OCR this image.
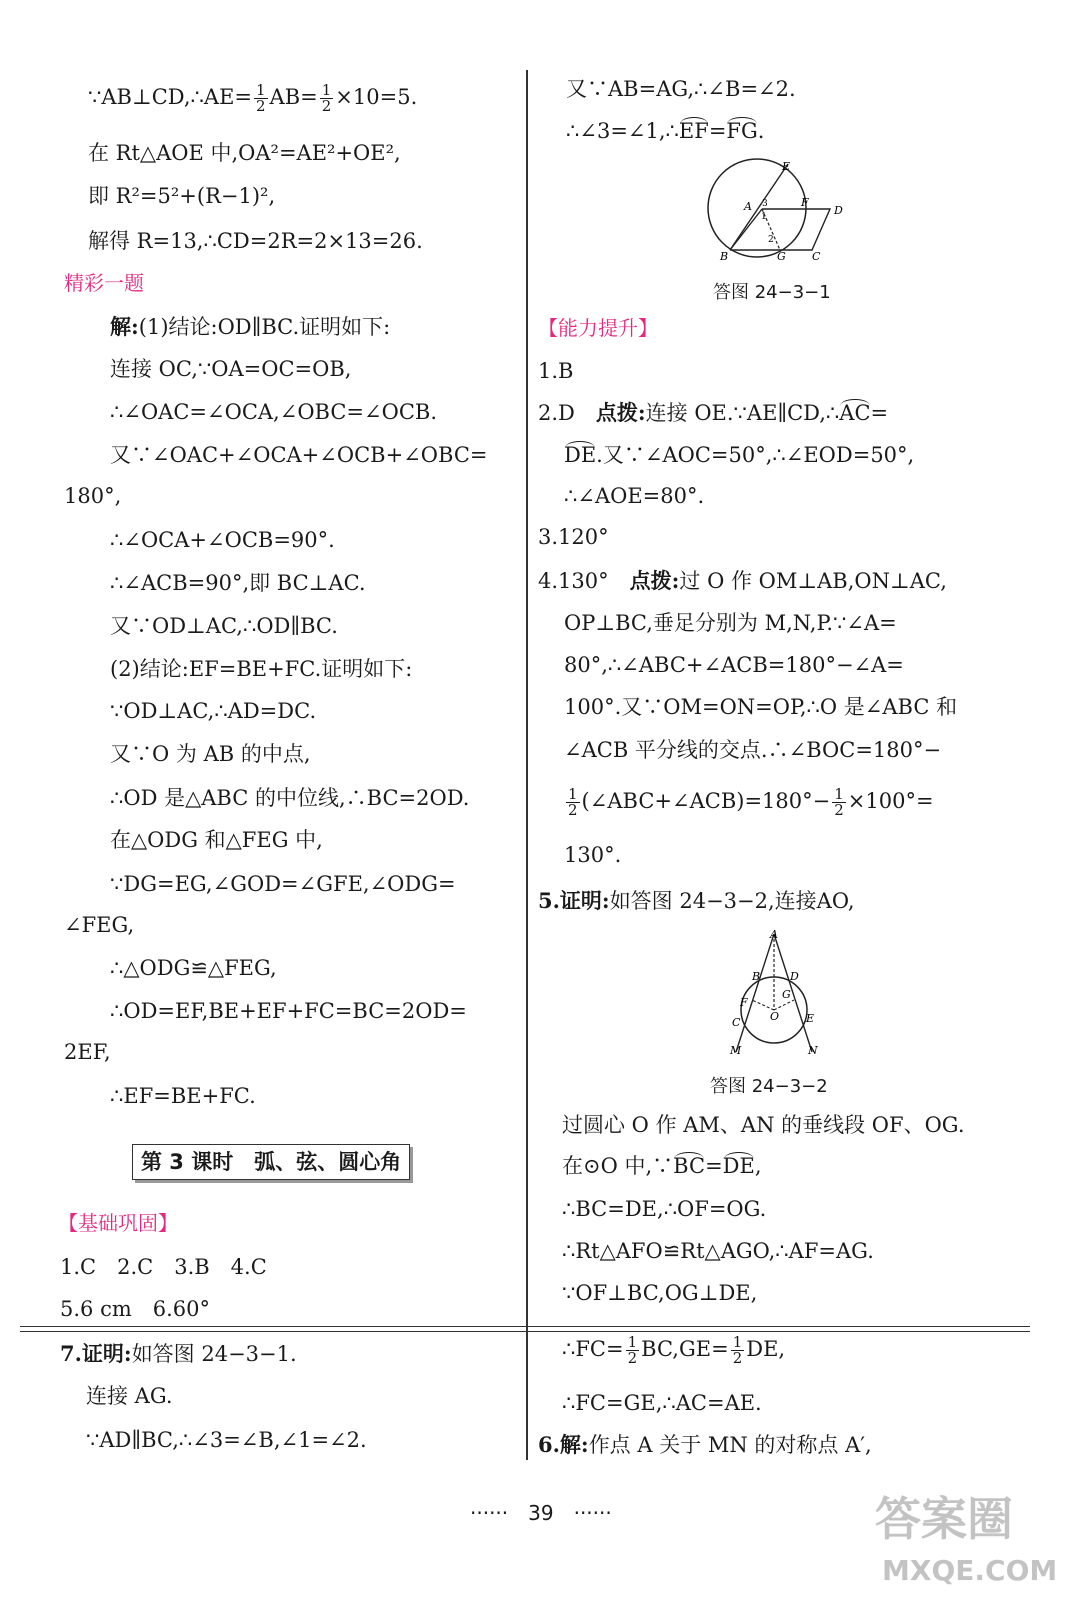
∵AB⊥CD,∴AE= $\frac{1}{2} AB= \frac{1}{2} \times 10=5$.
在 Rt△AOE 中,OA²=AE²+OE²,
即 R²=5²+(R−1)²,
解得 R=13,∴CD=2R=2×13=26.
精彩一题
解:(1)结论:OD∥BC.证明如下:
连接 OC,∵OA=OC=OB,
∴∠OAC=∠OCA,∠OBC=∠OCB.
又∵∠OAC+∠OCA+∠OCB+∠OBC=
180°,
∴∠OCA+∠OCB=90°.
∴∠ACB=90°,即 BC⊥AC.
又∵OD⊥AC,∴OD∥BC.
(2)结论:EF=BE+FC.证明如下:
∵OD⊥AC,∴AD=DC.
又∵O 为 AB 的中点,
∴OD 是△ABC 的中位线,∴BC=2OD.
在△ODG 和△FEG 中,
∵DG=EG,∠GOD=∠GFE,∠ODG=
∠FEG,
∴△ODG≌△FEG,
∴OD=EF,BE+EF+FC=BC=2OD=
2EF,
∴EF=BE+FC.
第 3 课时　弧、弦、圆心角
【基础巩固】
1.C　2.C　3.B　4.C
5.6 cm　6.60°
7.证明:如答图 24−3−1.
连接 AG.
∵AD∥BC,∴∠3=∠B,∠1=∠2.
又∵AB=AG,∴∠B=∠2.
∴∠3=∠1,∴EF=FG.
E
A 3
1
F
D
2
B	G C
答图 24−3−1
【能力提升】
1.B
2.D　点拨:连接 OE.∵AE∥CD,∴AC=
DE.又∵∠AOC=50°,∴∠EOD=50°,
∴∠AOE=80°.
3.120°
4.130°　点拨:过 O 作 OM⊥AB,ON⊥AC,
OP⊥BC,垂足分别为 M,N,P.∵∠A=
80°,∴∠ABC+∠ACB=180°−∠A=
100°.又∵OM=ON=OP,∴O 是∠ABC 和
∠ACB 平分线的交点.∴∠BOC=180°−
$\frac{1}{2}$ (∠ABC+∠ACB)=180°− $\frac{1}{2} \times 100^\circ=$
130°.
5.证明:如答图 24−3−2,连接AO,
A
B	D
F
G
O
C	E
M	N
答图 24−3−2
过圆心 O 作 AM、AN 的垂线段 OF、OG.
在⊙O 中,∵BC=DE,
∴BC=DE,∴OF=OG.
∴Rt△AFO≌Rt△AGO,∴AF=AG.
∵OF⊥BC,OG⊥DE,
∴FC= $\frac{1}{2} BC,GE= \frac{1}{2}$ DE,
∴FC=GE,∴AC=AE.
6.解:作点 A 关于 MN 的对称点 A′,
······　39　······	答案圈
MXQE.COM
